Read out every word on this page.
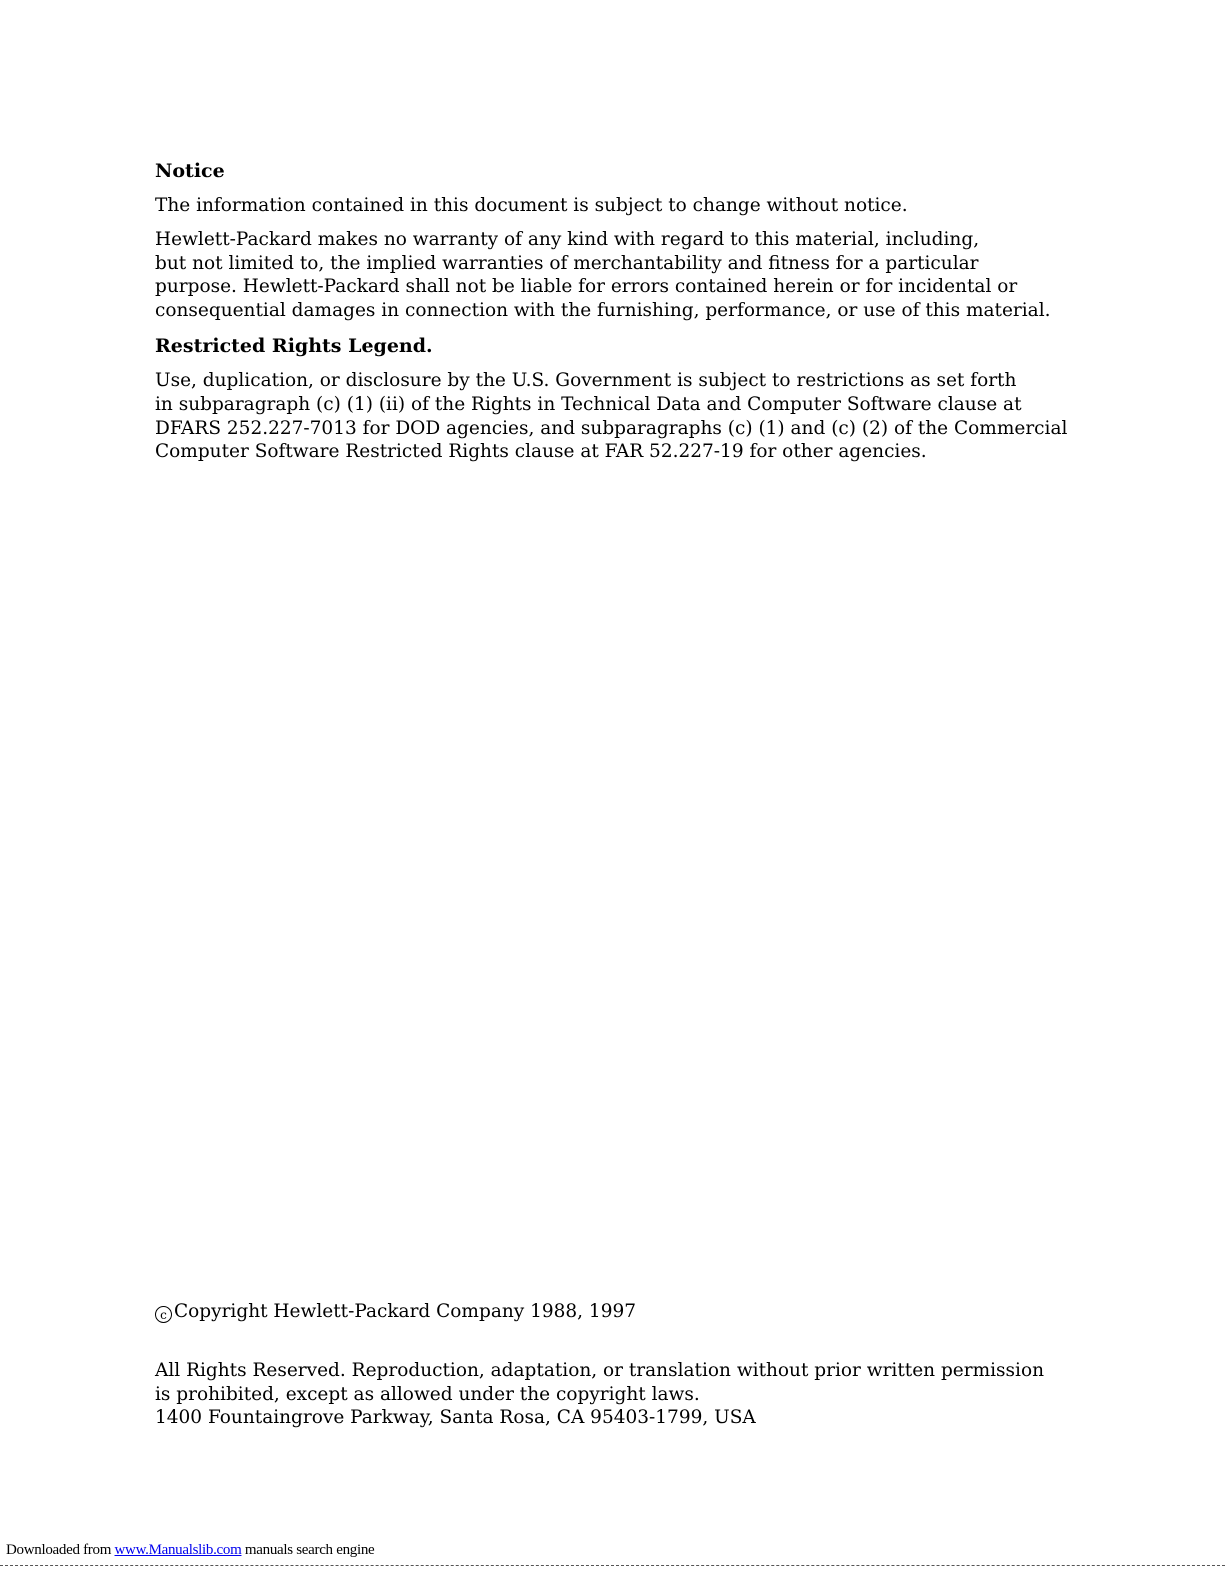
Notice
The information contained in this document is subject to change without notice.
Hewlett-Packard makes no warranty of any kind with regard to this material, including,
but not limited to, the implied warranties of merchantability and fitness for a particular
purpose. Hewlett-Packard shall not be liable for errors contained herein or for incidental or
consequential damages in connection with the furnishing, performance, or use of this material.
Restricted Rights Legend.
Use, duplication, or disclosure by the U.S. Government is subject to restrictions as set forth
in subparagraph (c) (1) (ii) of the Rights in Technical Data and Computer Software clause at
DFARS 252.227-7013 for DOD agencies, and subparagraphs (c) (1) and (c) (2) of the Commercial
Computer Software Restricted Rights clause at FAR 52.227-19 for other agencies.
c Copyright Hewlett-Packard Company 1988, 1997
All Rights Reserved. Reproduction, adaptation, or translation without prior written permission
is prohibited, except as allowed under the copyright laws.
1400 Fountaingrove Parkway, Santa Rosa, CA 95403-1799, USA
Downloaded from www.Manualslib.com manuals search engine
